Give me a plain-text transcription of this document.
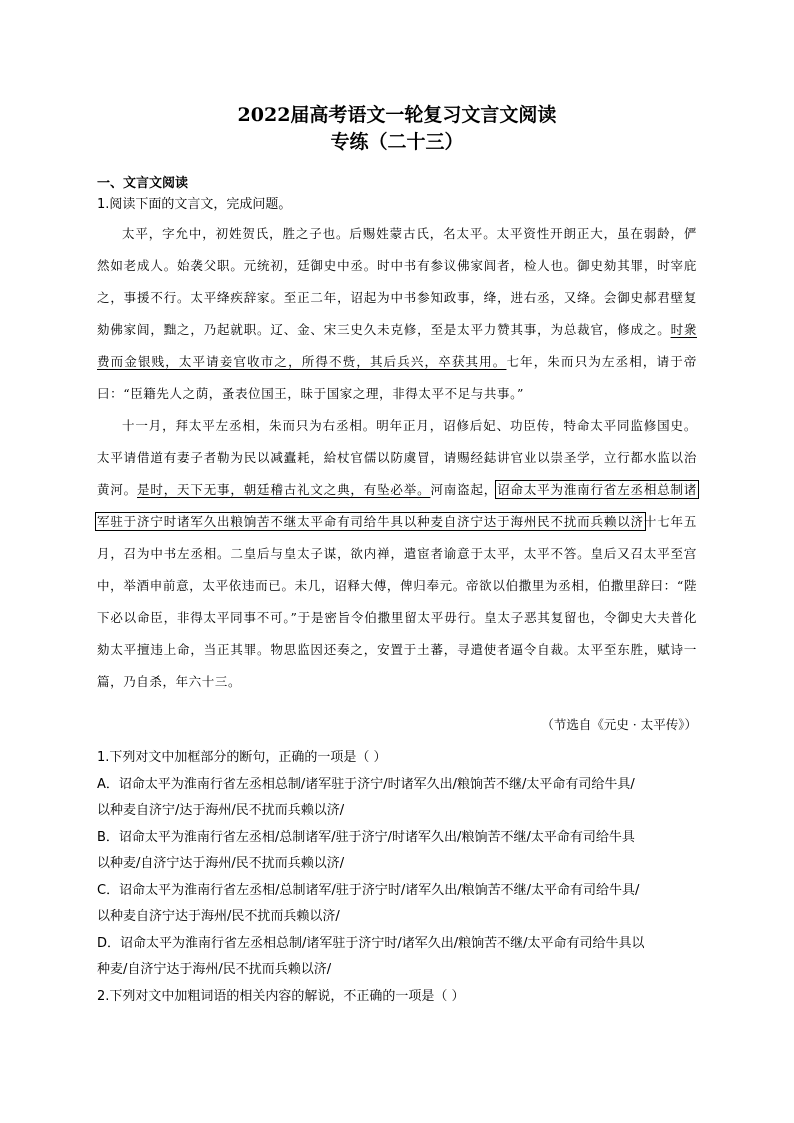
2022届高考语文一轮复习文言文阅读
专练（二十三）
一、文言文阅读
1.阅读下面的文言文，完成问题。

太平，字允中，初姓贺氏，胜之子也。后赐姓蒙古氏，名太平。太平资性开朗正大，虽在弱龄，俨然如老成人。始袭父职。元统初，廷御史中丞。时中书有参议佛家闾者，检人也。御史劾其罪，时宰庇之，事援不行。太平绛疾辞家。至正二年，诏起为中书参知政事，绛，进右丞，又绛。会御史郝君壁复劾佛家闾，黜之，乃起就职。辽、金、宋三史久未克修，至是太平力赞其事，为总裁官，修成之。时衆费而金银贱，太平请妾官收市之，所得不赀，其后兵兴，卒获其用。七年，朱而只为左丞相，请于帝曰：“臣籍先人之荫，蚤表位国王，昧于国家之理，非得太平不足与共事。”

十一月，拜太平左丞相，朱而只为右丞相。明年正月，诏修后妃、功臣传，特命太平同监修国史。太平请借道有妻子者勒为民以减蠹耗，給杖官儒以防虞冒，请赐经鋕讲官业以崇圣学，立行都水监以治黄河。是时，天下无事，朝廷稽古礼文之典，有坠必举。河南盗起，诏命太平为淮南行省左丞相总制诸军驻于济宁时诸军久出粮饷苦不继太平命有司给牛具以种麦自济宁达于海州民不扰而兵赖以济十七年五月，召为中书左丞相。二皇后与皇太子谋，欲内禅，遣宦者谕意于太平，太平不答。皇后又召太平至宫中，举酒申前意，太平依违而已。未几，诏释大傅，俾归奉元。帝欲以伯撒里为丞相，伯撒里辞曰：“陛下必以命臣，非得太平同事不可。”于是密旨令伯撒里留太平毋行。皇太子恶其复留也，令御史大夫普化劾太平擅违上命，当正其罪。物思监因还奏之，安置于土蕃，寻遣使者逼令自裁。太平至东胜，赋诗一篇，乃自杀，年六十三。

（节选自《元史 · 太平传》）
1.下列对文中加框部分的断句，正确的一项是（ ）
A．诏命太平为淮南行省左丞相总制/诸军驻于济宁/时诸军久出/粮饷苦不继/太平命有司给牛具/
以种麦自济宁/达于海州/民不扰而兵赖以济/
B．诏命太平为淮南行省左丞相/总制诸军/驻于济宁/时诸军久出/粮饷苦不继/太平命有司给牛具
以种麦/自济宁达于海州/民不扰而兵赖以济/
C．诏命太平为淮南行省左丞相/总制诸军/驻于济宁时/诸军久出/粮饷苦不继/太平命有司给牛具/
以种麦自济宁达于海州/民不扰而兵赖以济/
D．诏命太平为淮南行省左丞相总制/诸军驻于济宁时/诸军久出/粮饷苦不继/太平命有司给牛具以
种麦/自济宁达于海州/民不扰而兵赖以济/
2.下列对文中加粗词语的相关内容的解说，不正确的一项是（ ）
